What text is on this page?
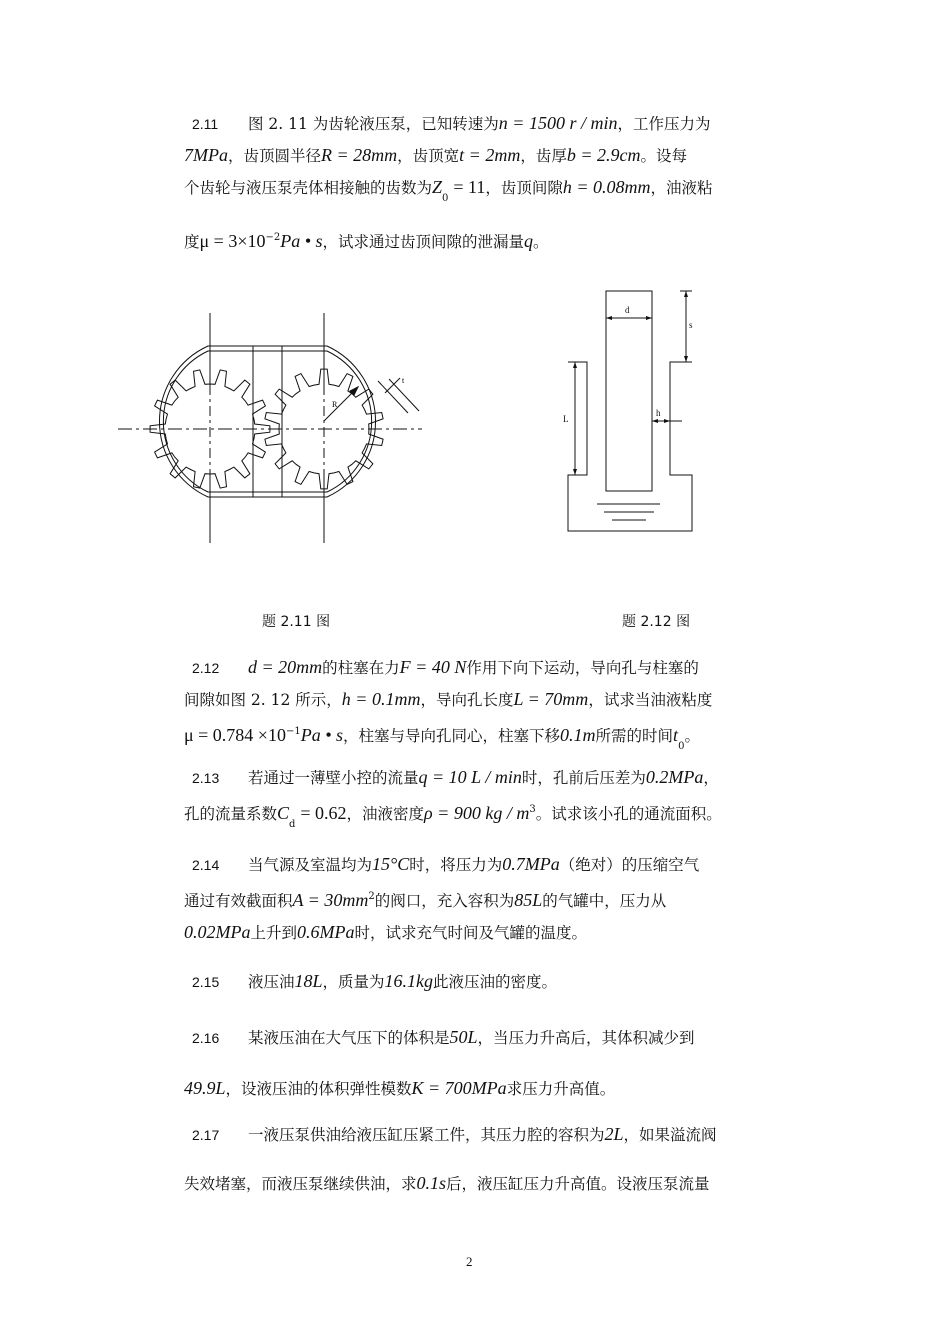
2.11 图 2. 11 为齿轮液压泵，已知转速为n = 1500 r / min，工作压力为
7MPa，齿顶圆半径R = 28mm，齿顶宽t = 2mm，齿厚b = 2.9cm。设每
个齿轮与液压泵壳体相接触的齿数为$Z_0 = 11$，齿顶间隙h = 0.08mm，油液粘
度$\mu = 3\times 10^{-2}Pa$ • s，试求通过齿顶间隙的泄漏量q。

R
t
d
s
L
h
题 2.11 图	题 2.12 图

2.12 d = 20mm的柱塞在力F = 40 N作用下向下运动，导向孔与柱塞的
间隙如图 2. 12 所示，h = 0.1mm，导向孔长度L = 70mm，试求当油液粘度
$\mu = 0.784 \times 10^{-1}Pa$ • s，柱塞与导向孔同心，柱塞下移0.1m所需的时间$t_0$。

2.13 若通过一薄壁小控的流量q = 10 L / min时，孔前后压差为0.2MPa，
孔的流量系数$C_d = 0.62$，油液密度ρ = 900 kg / $m^3$。试求该小孔的通流面积。

2.14 当气源及室温均为15°C时，将压力为0.7MPa（绝对）的压缩空气
通过有效截面积$A = 30mm^2$的阀口，充入容积为85L的气罐中，压力从
0.02MPa上升到0.6MPa时，试求充气时间及气罐的温度。

2.15 液压油18L，质量为16.1kg此液压油的密度。

2.16 某液压油在大气压下的体积是50L，当压力升高后，其体积减少到
49.9L，设液压油的体积弹性模数K = 700MPa求压力升高值。

2.17 一液压泵供油给液压缸压紧工件，其压力腔的容积为2L，如果溢流阀
失效堵塞，而液压泵继续供油，求0.1s后，液压缸压力升高值。设液压泵流量

2
